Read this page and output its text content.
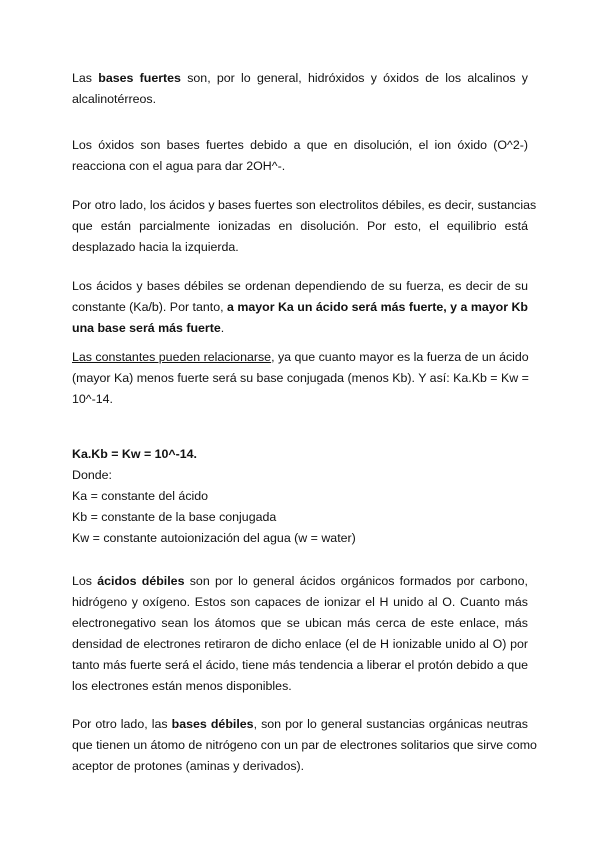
Las bases fuertes son, por lo general, hidróxidos y óxidos de los alcalinos y
alcalinotérreos.

Los óxidos son bases fuertes debido a que en disolución, el ion óxido (O^2-)
reacciona con el agua para dar 2OH^-.

Por otro lado, los ácidos y bases fuertes son electrolitos débiles, es decir, sustancias
que están parcialmente ionizadas en disolución. Por esto, el equilibrio está
desplazado hacia la izquierda.

Los ácidos y bases débiles se ordenan dependiendo de su fuerza, es decir de su
constante (Ka/b). Por tanto, a mayor Ka un ácido será más fuerte, y a mayor Kb
una base será más fuerte.

Las constantes pueden relacionarse, ya que cuanto mayor es la fuerza de un ácido
(mayor Ka) menos fuerte será su base conjugada (menos Kb). Y así: Ka.Kb = Kw =
10^-14.

Ka.Kb = Kw = 10^-14.
Donde:
Ka = constante del ácido
Kb = constante de la base conjugada
Kw = constante autoionización del agua (w = water)

Los ácidos débiles son por lo general ácidos orgánicos formados por carbono,
hidrógeno y oxígeno. Estos son capaces de ionizar el H unido al O. Cuanto más
electronegativo sean los átomos que se ubican más cerca de este enlace, más
densidad de electrones retiraron de dicho enlace (el de H ionizable unido al O) por
tanto más fuerte será el ácido, tiene más tendencia a liberar el protón debido a que
los electrones están menos disponibles.

Por otro lado, las bases débiles, son por lo general sustancias orgánicas neutras
que tienen un átomo de nitrógeno con un par de electrones solitarios que sirve como
aceptor de protones (aminas y derivados).
